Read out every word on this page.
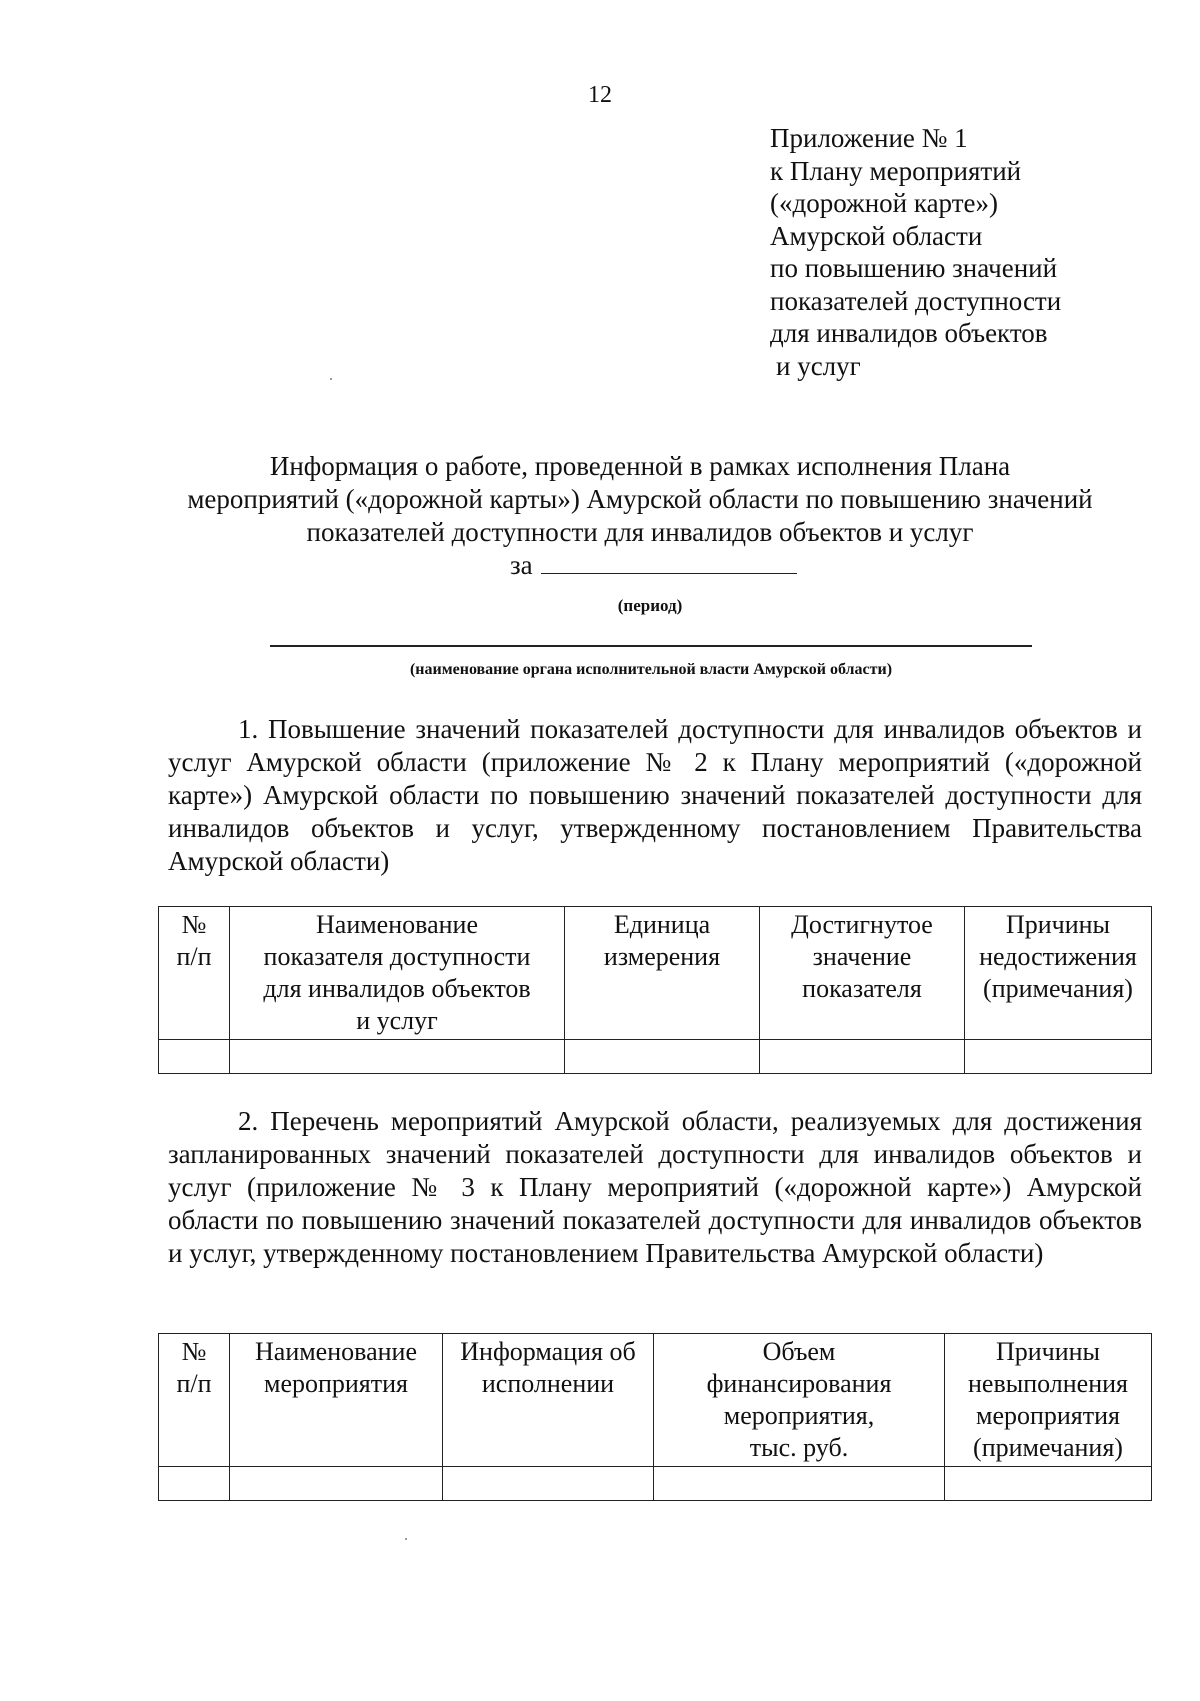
12
Приложение № 1
к Плану мероприятий
(«дорожной карте»)
Амурской области
по повышению значений
показателей доступности
для инвалидов объектов
и услуг
Информация о работе, проведенной в рамках исполнения Плана
мероприятий («дорожной карты») Амурской области по повышению значений
показателей доступности для инвалидов объектов и услуг
за
(период)
(наименование органа исполнительной власти Амурской области)
1. Повышение значений показателей доступности для инвалидов объектов и услуг Амурской области (приложение № 2 к Плану мероприятий («дорожной карте») Амурской области по повышению значений показателей доступности для инвалидов объектов и услуг, утвержденному постановлением Правительства Амурской области)
№
п/п	Наименование
показателя доступности
для инвалидов объектов
и услуг	Единица
измерения	Достигнутое
значение
показателя	Причины
недостижения
(примечания)

2. Перечень мероприятий Амурской области, реализуемых для достижения запланированных значений показателей доступности для инвалидов объектов и услуг (приложение № 3 к Плану мероприятий («дорожной карте») Амурской области по повышению значений показателей доступности для инвалидов объектов и услуг, утвержденному постановлением Правительства Амурской области)
№
п/п	Наименование
мероприятия	Информация об
исполнении	Объем
финансирования
мероприятия,
тыс. руб.	Причины
невыполнения
мероприятия
(примечания)
